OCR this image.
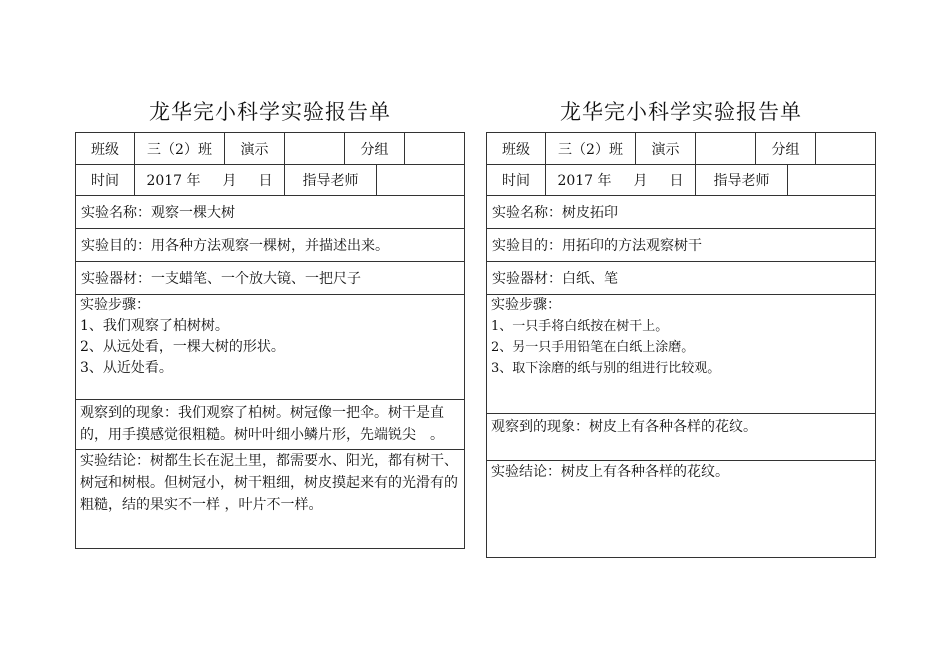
龙华完小科学实验报告单
班级	三（2）班	演示	分组
时间	2017 年 月 日	指导老师
实验名称：观察一棵大树
实验目的：用各种方法观察一棵树，并描述出来。
实验器材：一支蜡笔、一个放大镜、一把尺子
实验步骤：
1、我们观察了柏树树。
2、从远处看，一棵大树的形状。
3、从近处看。
观察到的现象：我们观察了柏树。树冠像一把伞。树干是直的，用手摸感觉很粗糙。树叶叶细小鳞片形，先端锐尖　。
实验结论：树都生长在泥土里，都需要水、阳光，都有树干、树冠和树根。但树冠小，树干粗细，树皮摸起来有的光滑有的粗糙，结的果实不一样 ，叶片不一样。
龙华完小科学实验报告单
班级	三（2）班	演示	分组
时间	2017 年 月 日	指导老师
实验名称：树皮拓印
实验目的：用拓印的方法观察树干
实验器材：白纸、笔
实验步骤：
1、一只手将白纸按在树干上。
2、另一只手用铅笔在白纸上涂磨。
3、取下涂磨的纸与别的组进行比较观。
观察到的现象：树皮上有各种各样的花纹。
实验结论：树皮上有各种各样的花纹。
